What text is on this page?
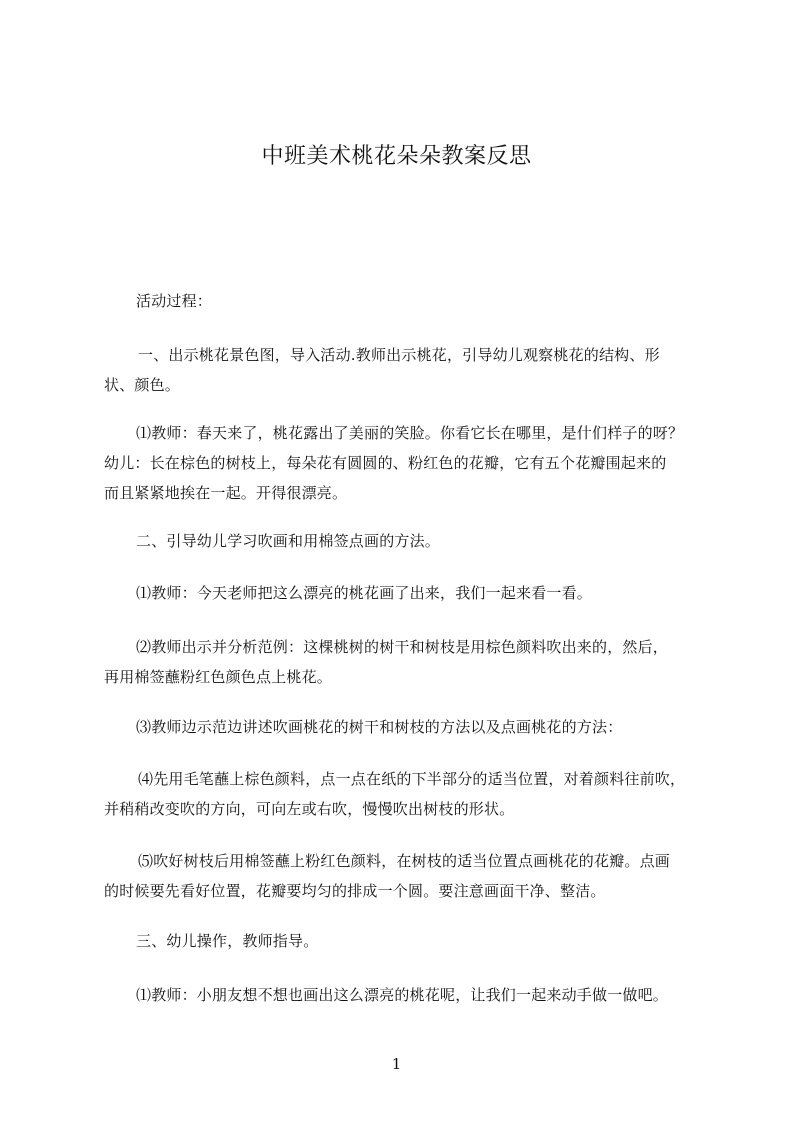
中班美术桃花朵朵教案反思
活动过程：
一、出示桃花景色图，导入活动.教师出示桃花，引导幼儿观察桃花的结构、形
状、颜色。
⑴教师：春天来了，桃花露出了美丽的笑脸。你看它长在哪里，是什们样子的呀？
幼儿：长在棕色的树枝上，每朵花有圆圆的、粉红色的花瓣，它有五个花瓣围起来的
而且紧紧地挨在一起。开得很漂亮。
二、引导幼儿学习吹画和用棉签点画的方法。
⑴教师：今天老师把这么漂亮的桃花画了出来，我们一起来看一看。
⑵教师出示并分析范例：这棵桃树的树干和树枝是用棕色颜料吹出来的，然后，
再用棉签蘸粉红色颜色点上桃花。
⑶教师边示范边讲述吹画桃花的树干和树枝的方法以及点画桃花的方法：
⑷先用毛笔蘸上棕色颜料，点一点在纸的下半部分的适当位置，对着颜料往前吹，
并稍稍改变吹的方向，可向左或右吹，慢慢吹出树枝的形状。
⑸吹好树枝后用棉签蘸上粉红色颜料，在树枝的适当位置点画桃花的花瓣。点画
的时候要先看好位置，花瓣要均匀的排成一个圆。要注意画面干净、整洁。
三、幼儿操作，教师指导。
⑴教师：小朋友想不想也画出这么漂亮的桃花呢，让我们一起来动手做一做吧。
1
